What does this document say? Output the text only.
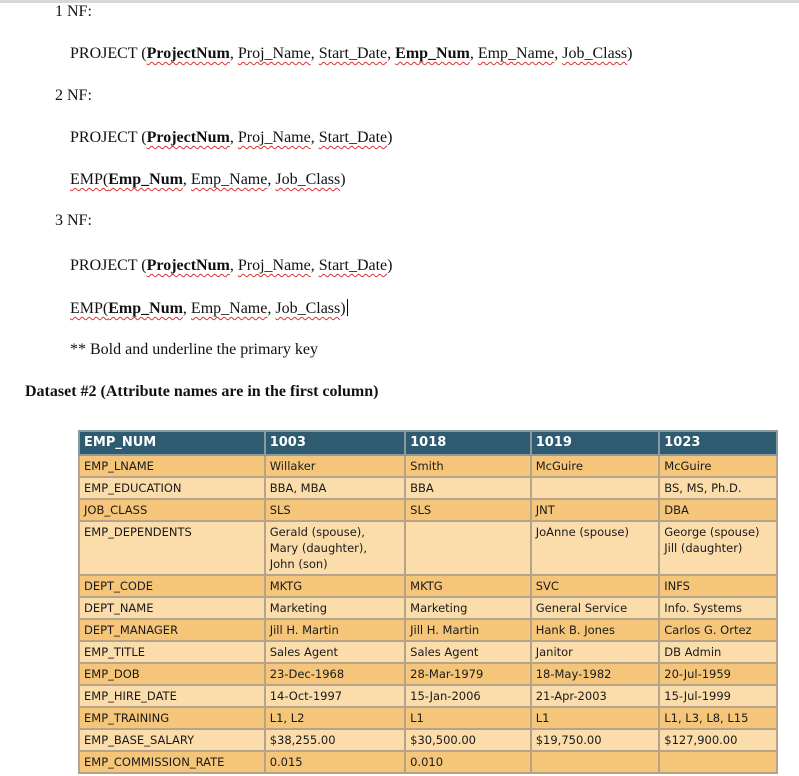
1 NF:
PROJECT (ProjectNum, Proj_Name, Start_Date, Emp_Num, Emp_Name, Job_Class)
2 NF:
PROJECT (ProjectNum, Proj_Name, Start_Date)
EMP(Emp_Num, Emp_Name, Job_Class)
3 NF:
PROJECT (ProjectNum, Proj_Name, Start_Date)
EMP(Emp_Num, Emp_Name, Job_Class)
** Bold and underline the primary key
Dataset #2 (Attribute names are in the first column)
EMP_NUM	1003	1018	1019	1023
EMP_LNAME	Willaker	Smith	McGuire	McGuire
EMP_EDUCATION	BBA, MBA	BBA		BS, MS, Ph.D.
JOB_CLASS	SLS	SLS	JNT	DBA
EMP_DEPENDENTS	Gerald (spouse),
Mary (daughter),
John (son)		JoAnne (spouse)	George (spouse)
Jill (daughter)
DEPT_CODE	MKTG	MKTG	SVC	INFS
DEPT_NAME	Marketing	Marketing	General Service	Info. Systems
DEPT_MANAGER	Jill H. Martin	Jill H. Martin	Hank B. Jones	Carlos G. Ortez
EMP_TITLE	Sales Agent	Sales Agent	Janitor	DB Admin
EMP_DOB	23-Dec-1968	28-Mar-1979	18-May-1982	20-Jul-1959
EMP_HIRE_DATE	14-Oct-1997	15-Jan-2006	21-Apr-2003	15-Jul-1999
EMP_TRAINING	L1, L2	L1	L1	L1, L3, L8, L15
EMP_BASE_SALARY	$38,255.00	$30,500.00	$19,750.00	$127,900.00
EMP_COMMISSION_RATE	0.015	0.010		
